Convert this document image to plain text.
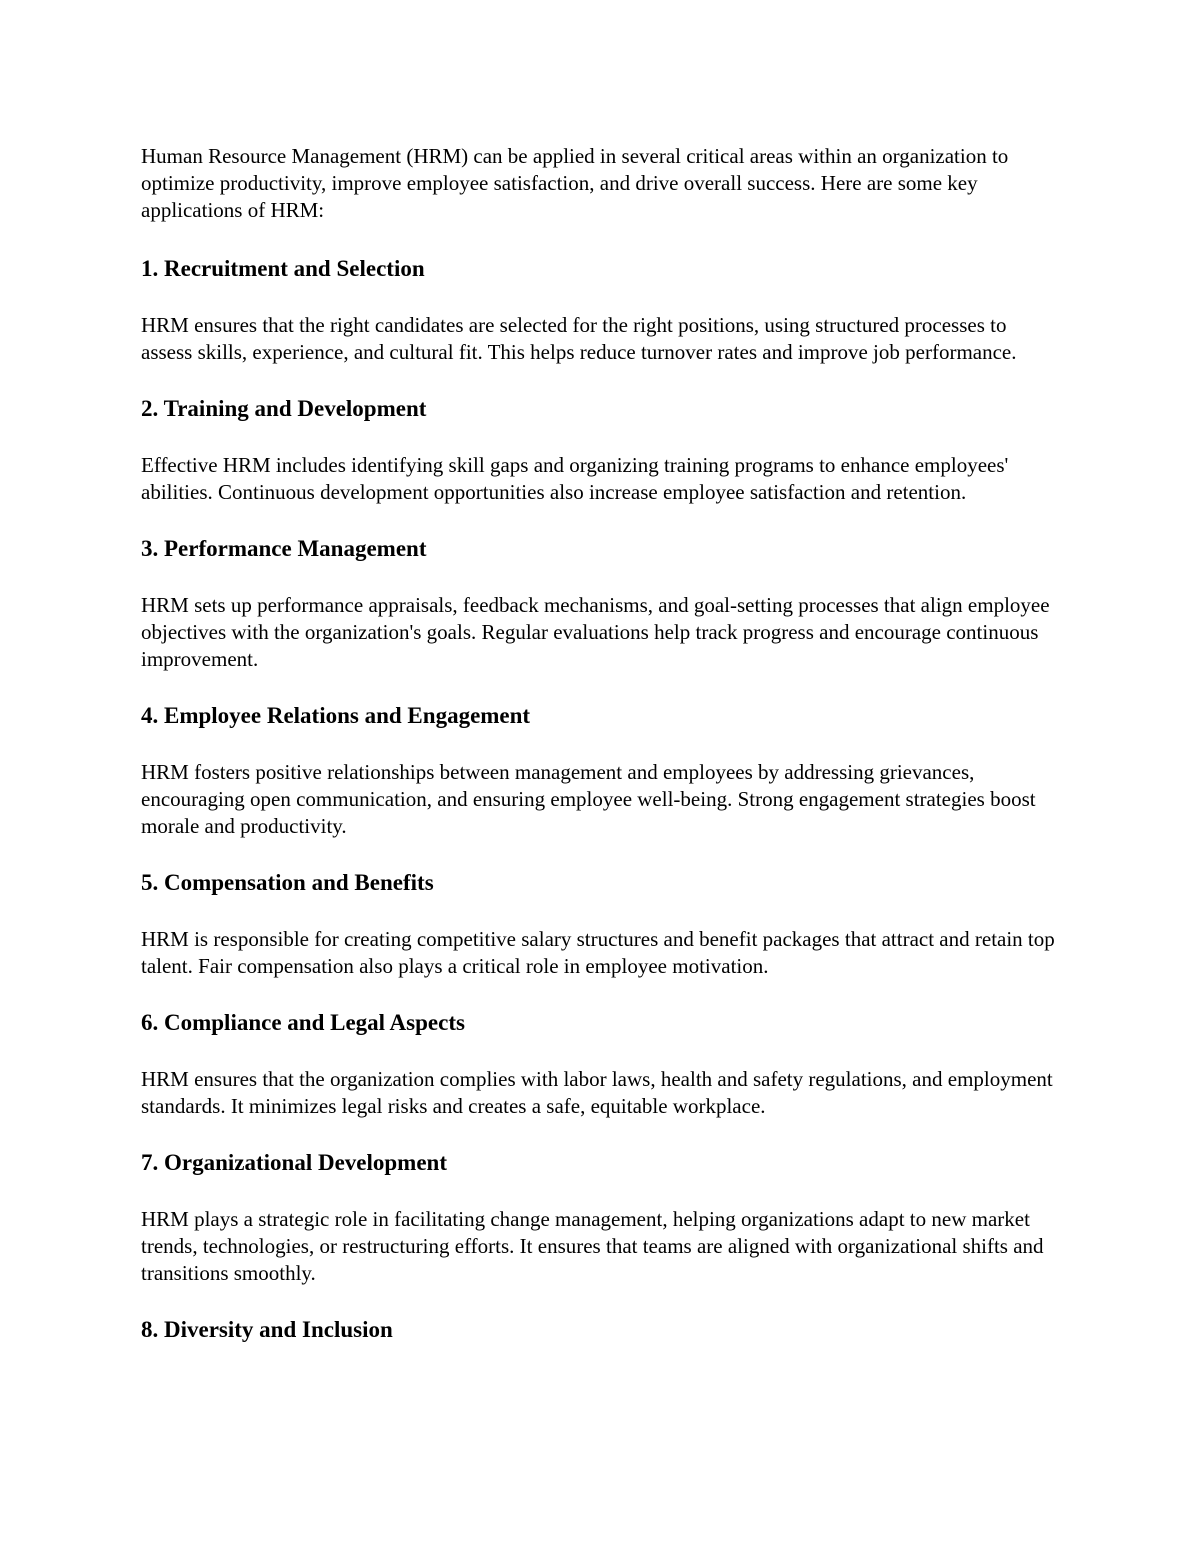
Human Resource Management (HRM) can be applied in several critical areas within an organization to optimize productivity, improve employee satisfaction, and drive overall success. Here are some key applications of HRM:

1. Recruitment and Selection

HRM ensures that the right candidates are selected for the right positions, using structured processes to assess skills, experience, and cultural fit. This helps reduce turnover rates and improve job performance.

2. Training and Development

Effective HRM includes identifying skill gaps and organizing training programs to enhance employees' abilities. Continuous development opportunities also increase employee satisfaction and retention.

3. Performance Management

HRM sets up performance appraisals, feedback mechanisms, and goal-setting processes that align employee objectives with the organization's goals. Regular evaluations help track progress and encourage continuous improvement.

4. Employee Relations and Engagement

HRM fosters positive relationships between management and employees by addressing grievances, encouraging open communication, and ensuring employee well-being. Strong engagement strategies boost morale and productivity.

5. Compensation and Benefits

HRM is responsible for creating competitive salary structures and benefit packages that attract and retain top talent. Fair compensation also plays a critical role in employee motivation.

6. Compliance and Legal Aspects

HRM ensures that the organization complies with labor laws, health and safety regulations, and employment standards. It minimizes legal risks and creates a safe, equitable workplace.

7. Organizational Development

HRM plays a strategic role in facilitating change management, helping organizations adapt to new market trends, technologies, or restructuring efforts. It ensures that teams are aligned with organizational shifts and transitions smoothly.

8. Diversity and Inclusion
